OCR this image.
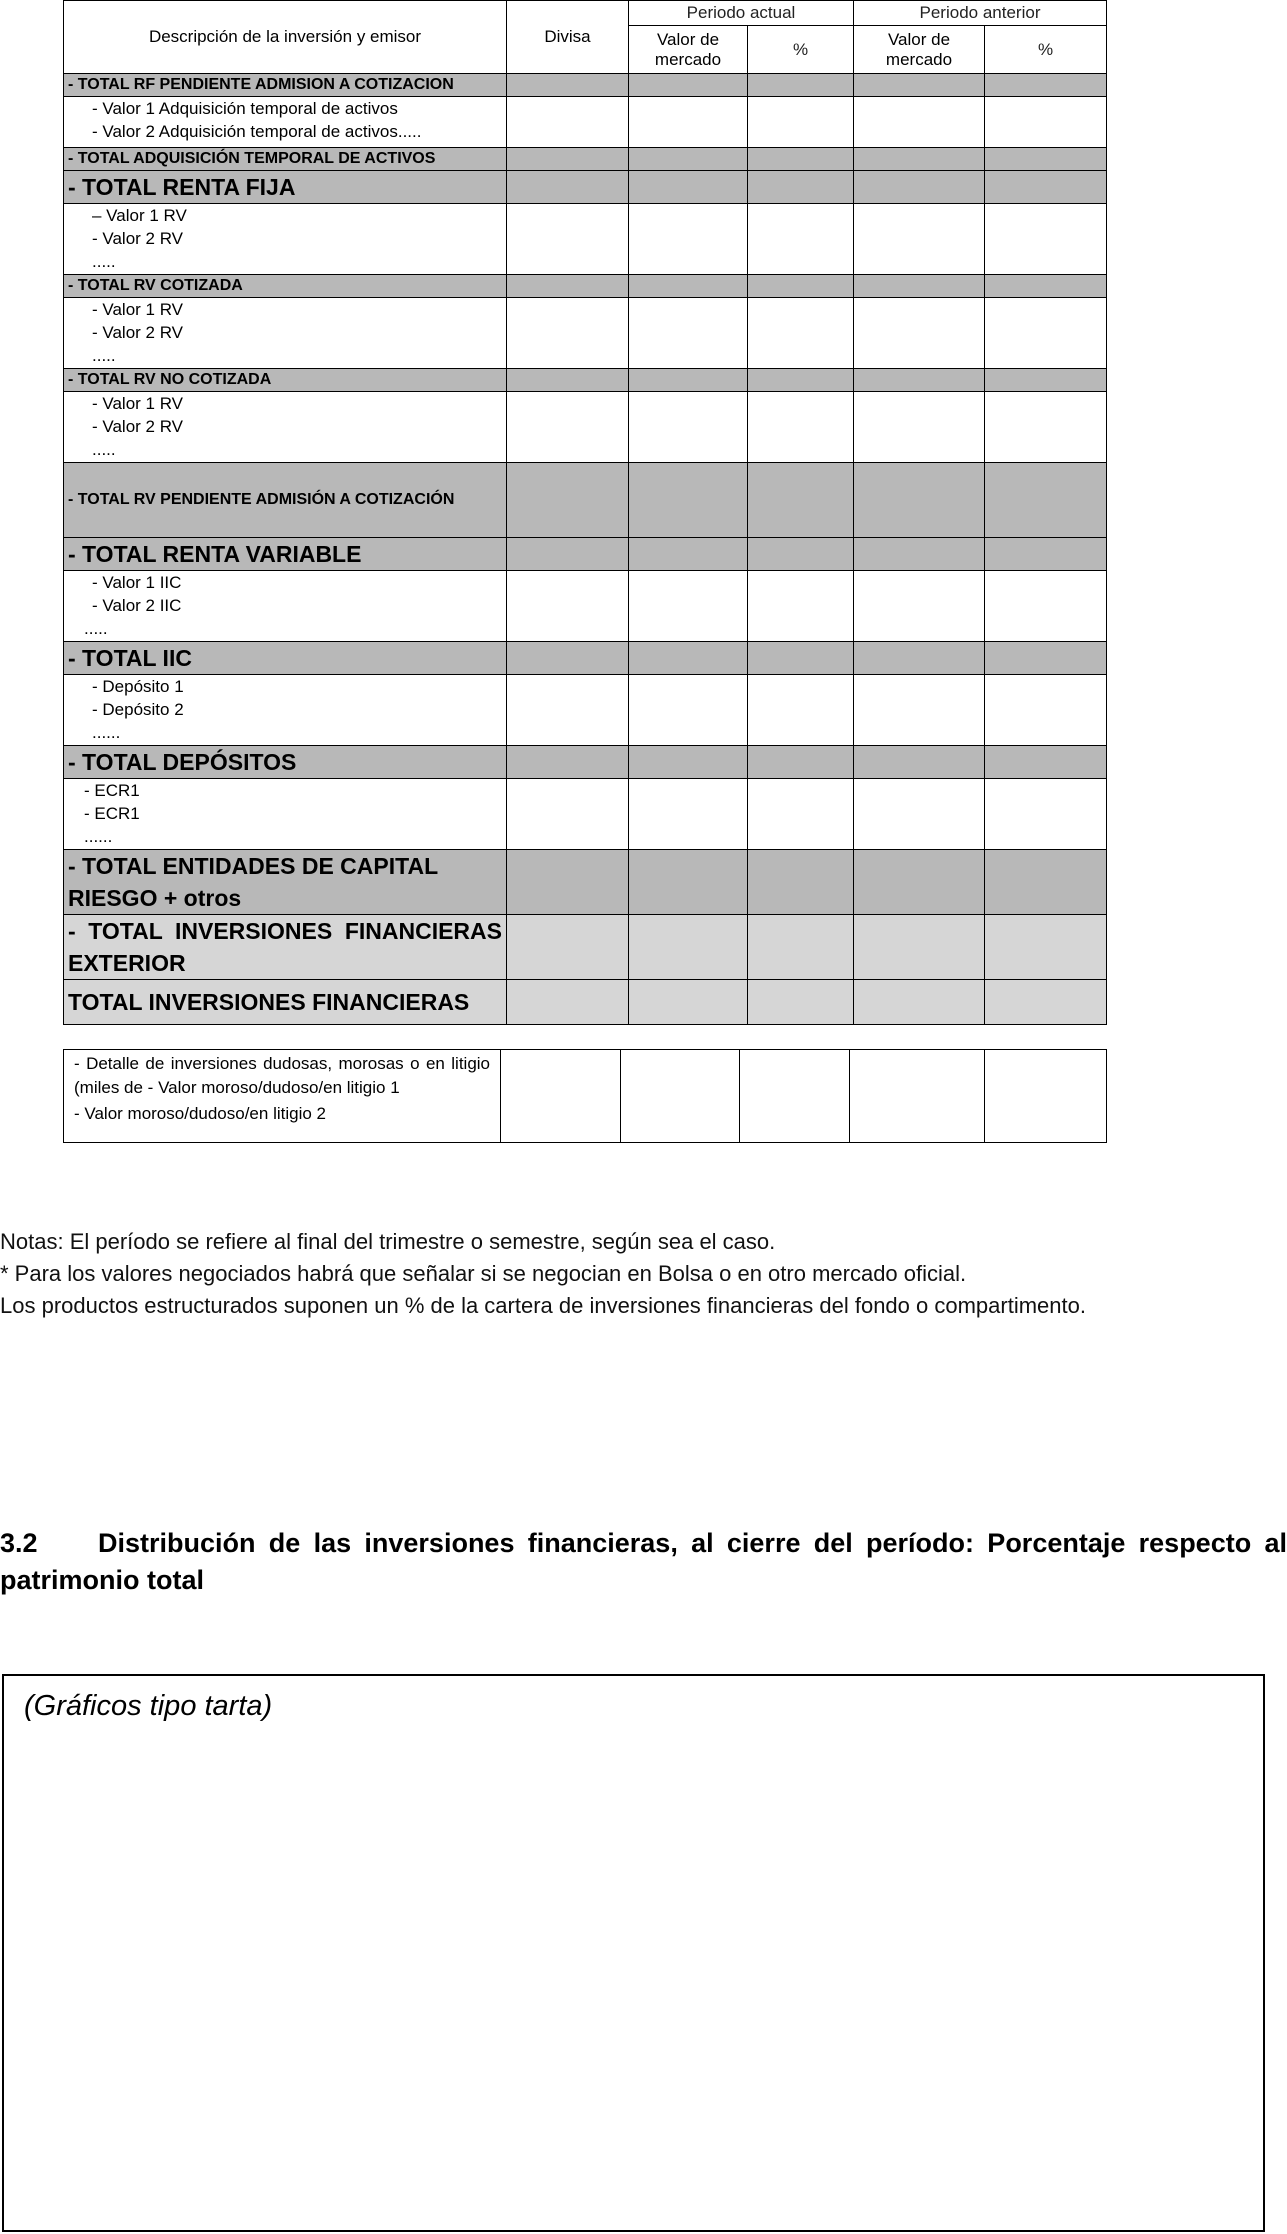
Descripción de la inversión y emisor	Divisa	Periodo actual		Periodo anterior	
		Valor de mercado	%	Valor de mercado	%

- TOTAL RF PENDIENTE ADMISION A COTIZACION					

- Valor 1 Adquisición temporal de activos
- Valor 2 Adquisición temporal de activos.....					

- TOTAL ADQUISICIÓN TEMPORAL DE ACTIVOS					

- TOTAL RENTA FIJA					

– Valor 1 RV
- Valor 2 RV
.....					

- TOTAL RV COTIZADA					

- Valor 1 RV
- Valor 2 RV
.....					

- TOTAL RV NO COTIZADA					

- Valor 1 RV
- Valor 2 RV
.....					

- TOTAL RV PENDIENTE ADMISIÓN A COTIZACIÓN					

- TOTAL RENTA VARIABLE					

- Valor 1 IIC
- Valor 2 IIC
.....					

- TOTAL IIC					

- Depósito 1
- Depósito 2
......					

- TOTAL DEPÓSITOS					

- ECR1
- ECR1
......					

- TOTAL ENTIDADES DE CAPITAL RIESGO + otros					

- TOTAL INVERSIONES FINANCIERAS EXTERIOR					

TOTAL INVERSIONES FINANCIERAS					

- Detalle de inversiones dudosas, morosas o en litigio (miles de - Valor moroso/dudoso/en litigio 1
- Valor moroso/dudoso/en litigio 2

Notas: El período se refiere al final del trimestre o semestre, según sea el caso.

* Para los valores negociados habrá que señalar si se negocian en Bolsa o en otro mercado oficial.

Los productos estructurados suponen un % de la cartera de inversiones financieras del fondo o compartimento.

3.2 Distribución de las inversiones financieras, al cierre del período: Porcentaje respecto al patrimonio total
(Gráficos tipo tarta)
